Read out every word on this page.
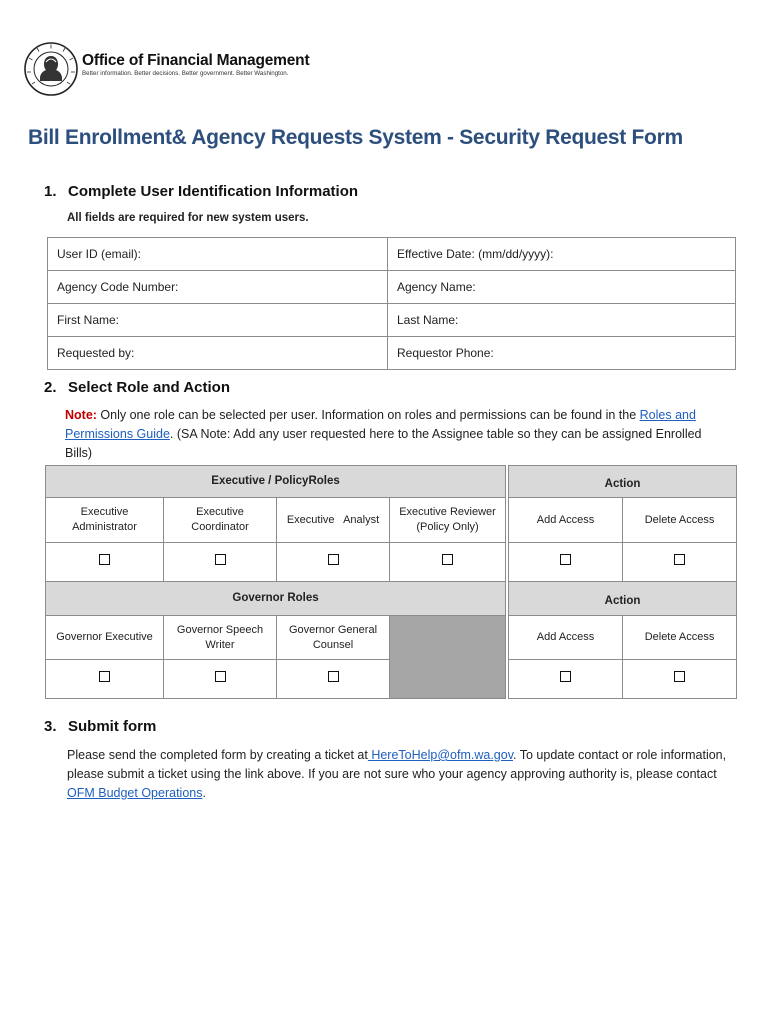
Office of Financial Management
Better information. Better decisions. Better government. Better Washington.
Bill Enrollment& Agency Requests System - Security Request Form
1. Complete User Identification Information
All fields are required for new system users.
User ID (email):	Effective Date: (mm/dd/yyyy):
Agency Code Number:	Agency Name:
First Name:	Last Name:
Requested by:	Requestor Phone:
2. Select Role and Action
Note: Only one role can be selected per user. Information on roles and permissions can be found in the Roles and Permissions Guide. (SA Note: Add any user requested here to the Assignee table so they can be assigned Enrolled Bills)
Executive / PolicyRoles					Action	
Executive Administrator	Executive Coordinator	Executive   Analyst	Executive Reviewer (Policy Only)		Add Access	Delete Access

Governor Roles					Action	
Governor Executive	Governor Speech Writer	Governor General Counsel			Add Access	Delete Access

3. Submit form
Please send the completed form by creating a ticket at HereToHelp@ofm.wa.gov. To update contact or role information, please submit a ticket using the link above. If you are not sure who your agency approving authority is, please contact OFM Budget Operations.
